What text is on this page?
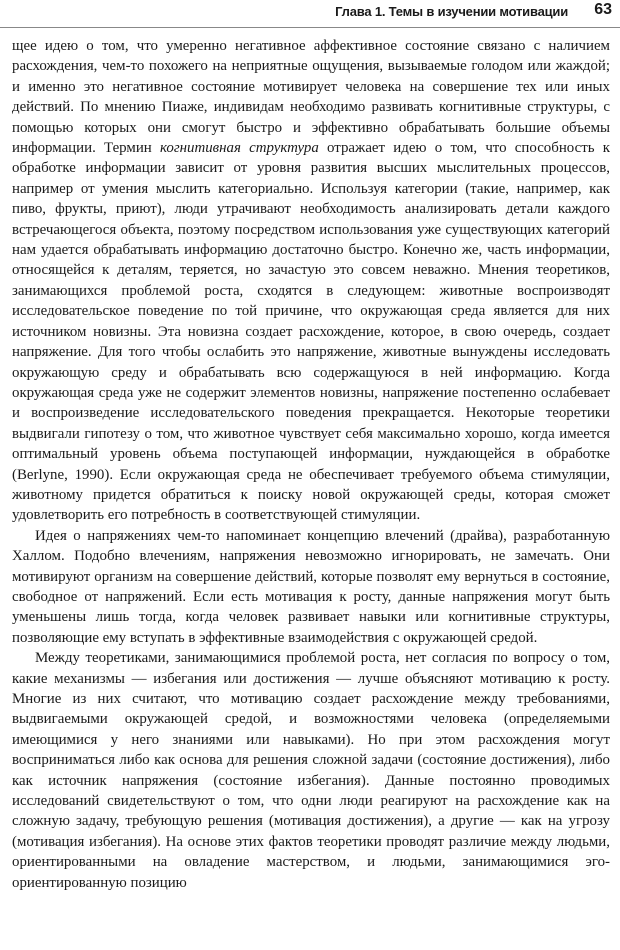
Глава 1. Темы в изучении мотивации 63

щее идею о том, что умеренно негативное аффективное состояние связано с наличием расхождения, чем-то похожего на неприятные ощущения, вызываемые голодом или жаждой; и именно это негативное состояние мотивирует человека на совершение тех или иных действий. По мнению Пиаже, индивидам необходимо развивать когнитивные структуры, с помощью которых они смогут быстро и эффективно обрабатывать большие объемы информации. Термин когнитивная структура отражает идею о том, что способность к обработке информации зависит от уровня развития высших мыслительных процессов, например от умения мыслить категориально. Используя категории (такие, например, как пиво, фрукты, приют), люди утрачивают необходимость анализировать детали каждого встречающегося объекта, поэтому посредством использования уже существующих категорий нам удается обрабатывать информацию достаточно быстро. Конечно же, часть информации, относящейся к деталям, теряется, но зачастую это совсем неважно. Мнения теоретиков, занимающихся проблемой роста, сходятся в следующем: животные воспроизводят исследовательское поведение по той причине, что окружающая среда является для них источником новизны. Эта новизна создает расхождение, которое, в свою очередь, создает напряжение. Для того чтобы ослабить это напряжение, животные вынуждены исследовать окружающую среду и обрабатывать всю содержащуюся в ней информацию. Когда окружающая среда уже не содержит элементов новизны, напряжение постепенно ослабевает и воспроизведение исследовательского поведения прекращается. Некоторые теоретики выдвигали гипотезу о том, что животное чувствует себя максимально хорошо, когда имеется оптимальный уровень объема поступающей информации, нуждающейся в обработке (Berlyne, 1990). Если окружающая среда не обеспечивает требуемого объема стимуляции, животному придется обратиться к поиску новой окружающей среды, которая сможет удовлетворить его потребность в соответствующей стимуляции.

Идея о напряжениях чем-то напоминает концепцию влечений (драйва), разработанную Халлом. Подобно влечениям, напряжения невозможно игнорировать, не замечать. Они мотивируют организм на совершение действий, которые позволят ему вернуться в состояние, свободное от напряжений. Если есть мотивация к росту, данные напряжения могут быть уменьшены лишь тогда, когда человек развивает навыки или когнитивные структуры, позволяющие ему вступать в эффективные взаимодействия с окружающей средой.

Между теоретиками, занимающимися проблемой роста, нет согласия по вопросу о том, какие механизмы — избегания или достижения — лучше объясняют мотивацию к росту. Многие из них считают, что мотивацию создает расхождение между требованиями, выдвигаемыми окружающей средой, и возможностями человека (определяемыми имеющимися у него знаниями или навыками). Но при этом расхождения могут восприниматься либо как основа для решения сложной задачи (состояние достижения), либо как источник напряжения (состояние избегания). Данные постоянно проводимых исследований свидетельствуют о том, что одни люди реагируют на расхождение как на сложную задачу, требующую решения (мотивация достижения), а другие — как на угрозу (мотивация избегания). На основе этих фактов теоретики проводят различие между людьми, ориентированными на овладение мастерством, и людьми, занимающимися эго-ориентированную позицию
